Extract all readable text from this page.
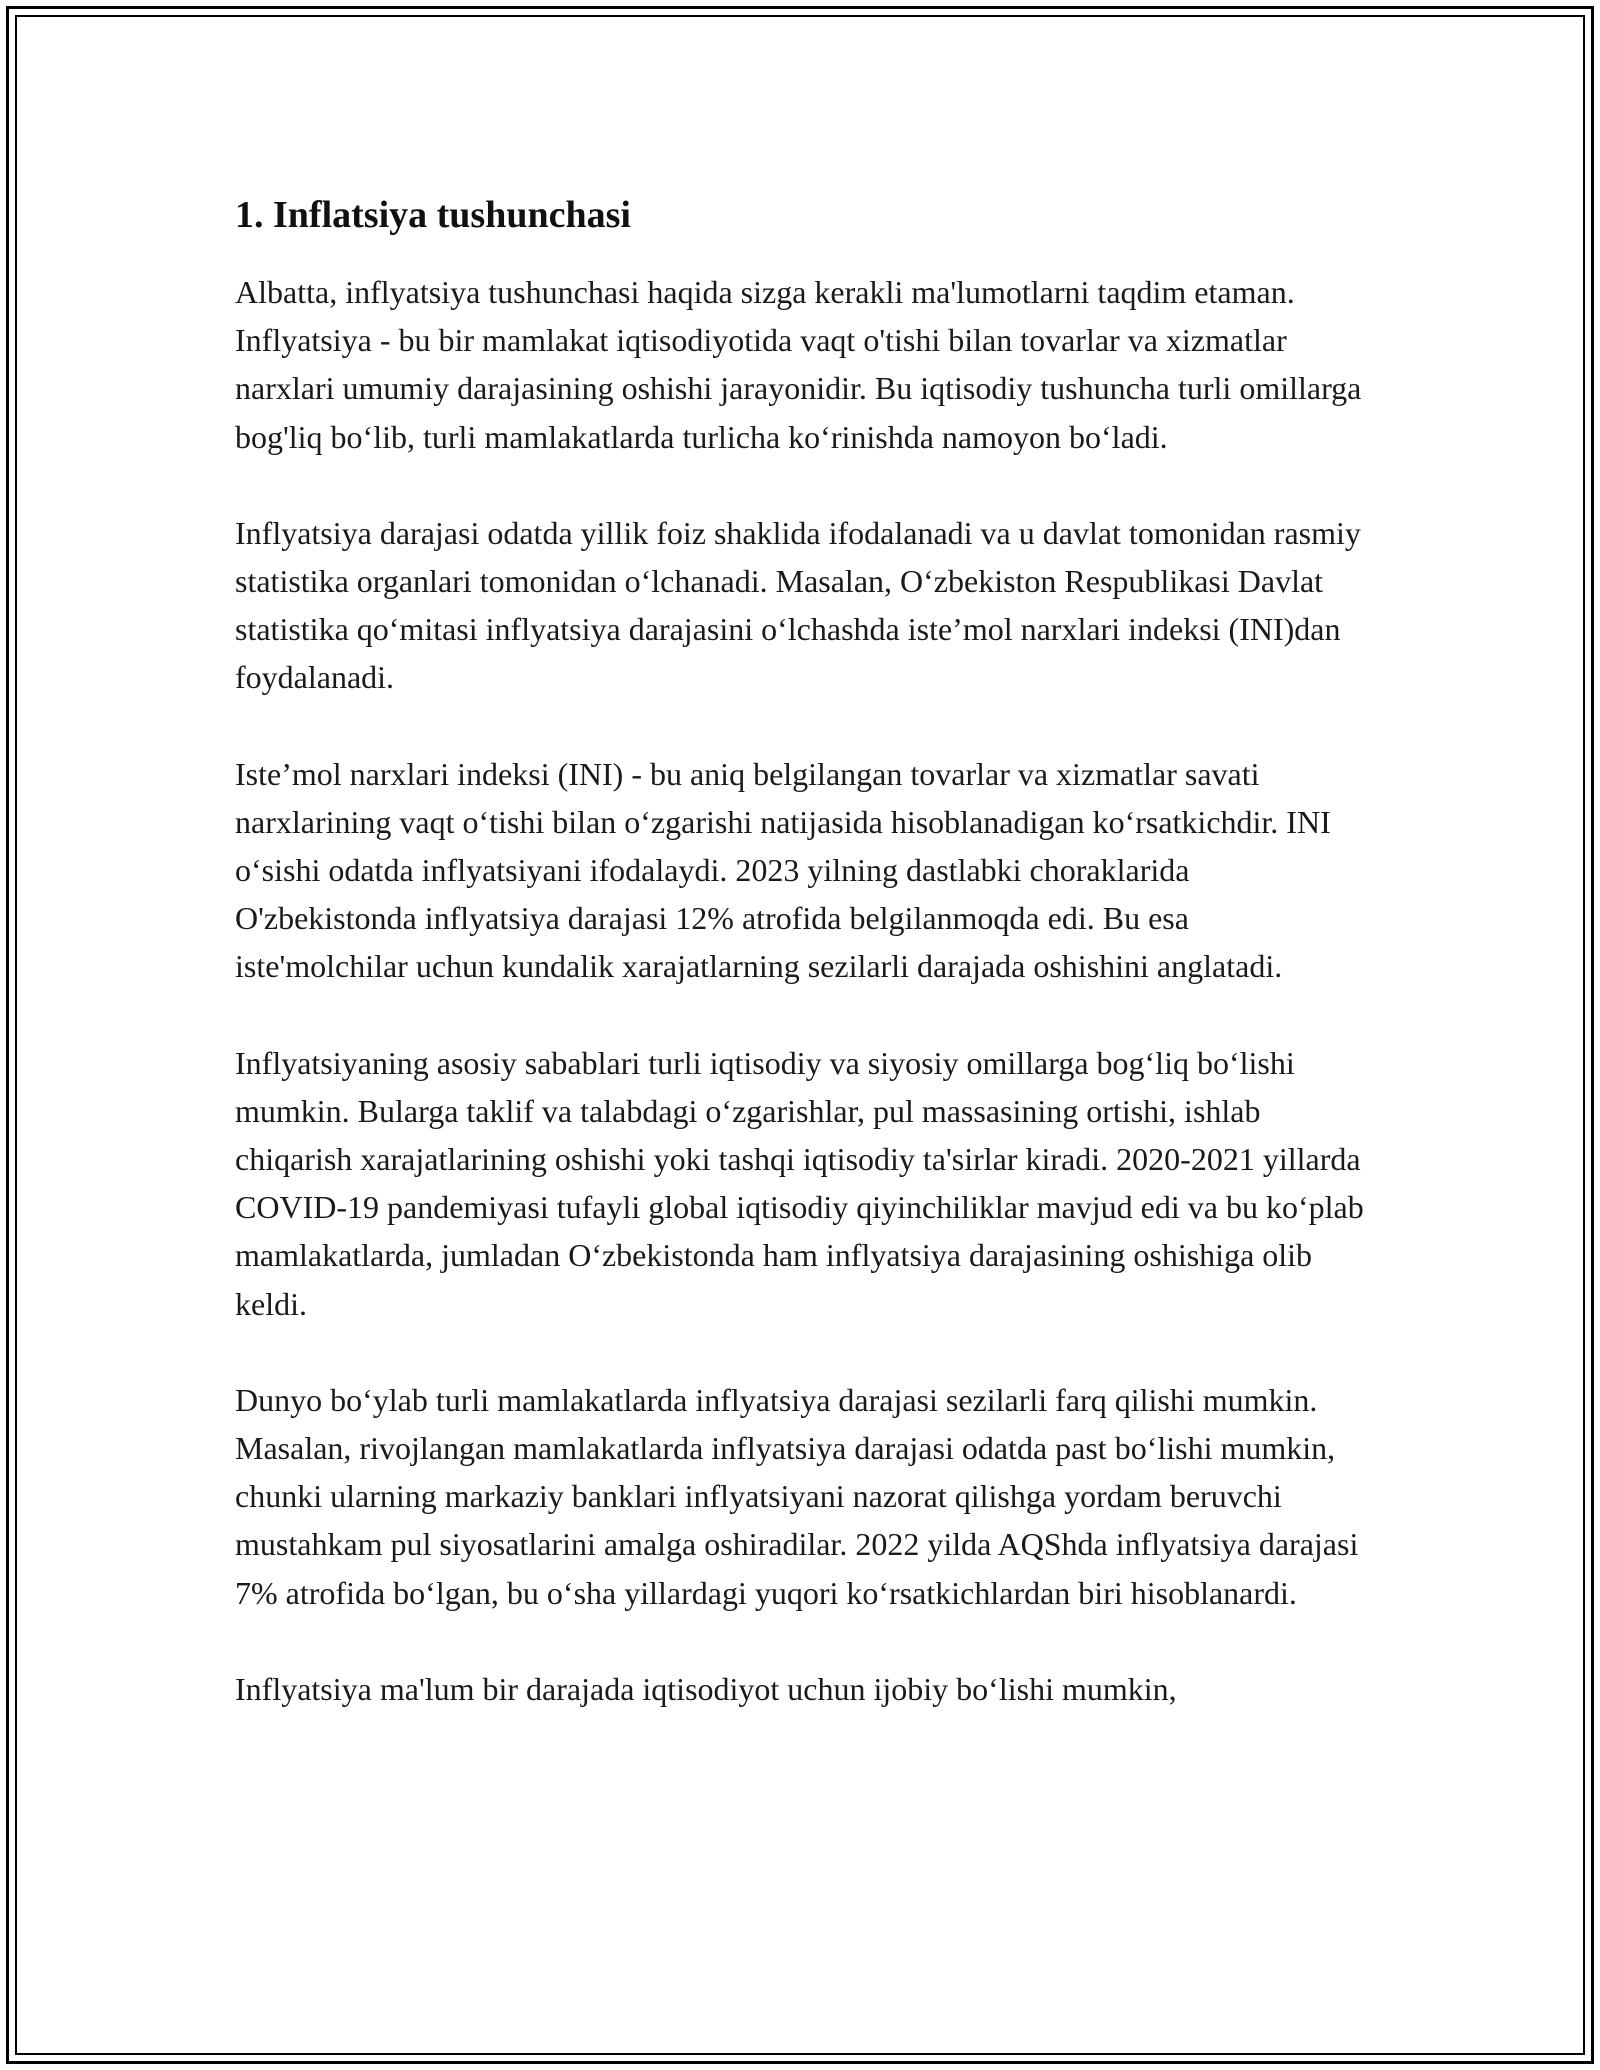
1. Inflatsiya tushunchasi

Albatta, inflyatsiya tushunchasi haqida sizga kerakli ma'lumotlarni taqdim etaman. Inflyatsiya - bu bir mamlakat iqtisodiyotida vaqt o'tishi bilan tovarlar va xizmatlar narxlari umumiy darajasining oshishi jarayonidir. Bu iqtisodiy tushuncha turli omillarga bog'liq bo‘lib, turli mamlakatlarda turlicha ko‘rinishda namoyon bo‘ladi.

Inflyatsiya darajasi odatda yillik foiz shaklida ifodalanadi va u davlat tomonidan rasmiy statistika organlari tomonidan o‘lchanadi. Masalan, O‘zbekiston Respublikasi Davlat statistika qo‘mitasi inflyatsiya darajasini o‘lchashda iste’mol narxlari indeksi (INI)dan foydalanadi.

Iste’mol narxlari indeksi (INI) - bu aniq belgilangan tovarlar va xizmatlar savati narxlarining vaqt o‘tishi bilan o‘zgarishi natijasida hisoblanadigan ko‘rsatkichdir. INI o‘sishi odatda inflyatsiyani ifodalaydi. 2023 yilning dastlabki choraklarida O'zbekistonda inflyatsiya darajasi 12% atrofida belgilanmoqda edi. Bu esa iste'molchilar uchun kundalik xarajatlarning sezilarli darajada oshishini anglatadi.

Inflyatsiyaning asosiy sabablari turli iqtisodiy va siyosiy omillarga bog‘liq bo‘lishi mumkin. Bularga taklif va talabdagi o‘zgarishlar, pul massasining ortishi, ishlab chiqarish xarajatlarining oshishi yoki tashqi iqtisodiy ta'sirlar kiradi. 2020-2021 yillarda COVID-19 pandemiyasi tufayli global iqtisodiy qiyinchiliklar mavjud edi va bu ko‘plab mamlakatlarda, jumladan O‘zbekistonda ham inflyatsiya darajasining oshishiga olib keldi.

Dunyo bo‘ylab turli mamlakatlarda inflyatsiya darajasi sezilarli farq qilishi mumkin. Masalan, rivojlangan mamlakatlarda inflyatsiya darajasi odatda past bo‘lishi mumkin, chunki ularning markaziy banklari inflyatsiyani nazorat qilishga yordam beruvchi mustahkam pul siyosatlarini amalga oshiradilar. 2022 yilda AQShda inflyatsiya darajasi 7% atrofida bo‘lgan, bu o‘sha yillardagi yuqori ko‘rsatkichlardan biri hisoblanardi.

Inflyatsiya ma'lum bir darajada iqtisodiyot uchun ijobiy bo‘lishi mumkin,
